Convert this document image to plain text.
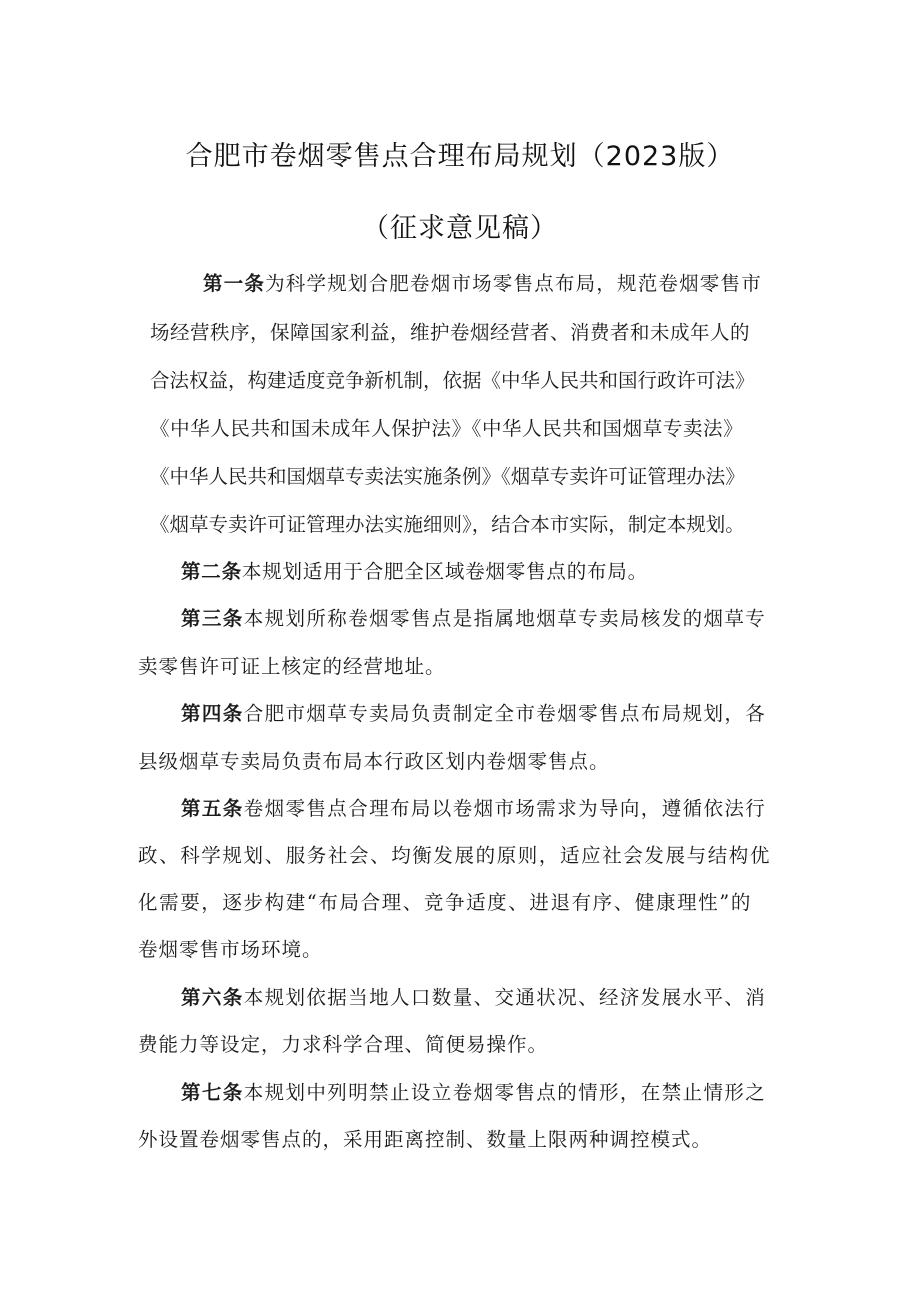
合肥市卷烟零售点合理布局规划（2023版）
（征求意见稿）
第一条为科学规划合肥卷烟市场零售点布局，规范卷烟零售市
场经营秩序，保障国家利益，维护卷烟经营者、消费者和未成年人的
合法权益，构建适度竞争新机制，依据《中华人民共和国行政许可法》
《中华人民共和国未成年人保护法》《中华人民共和国烟草专卖法》
《中华人民共和国烟草专卖法实施条例》《烟草专卖许可证管理办法》
《烟草专卖许可证管理办法实施细则》，结合本市实际，制定本规划。
第二条本规划适用于合肥全区域卷烟零售点的布局。
第三条本规划所称卷烟零售点是指属地烟草专卖局核发的烟草专
卖零售许可证上核定的经营地址。
第四条合肥市烟草专卖局负责制定全市卷烟零售点布局规划，各
县级烟草专卖局负责布局本行政区划内卷烟零售点。
第五条卷烟零售点合理布局以卷烟市场需求为导向，遵循依法行
政、科学规划、服务社会、均衡发展的原则，适应社会发展与结构优
化需要，逐步构建“布局合理、竞争适度、进退有序、健康理性”的
卷烟零售市场环境。
第六条本规划依据当地人口数量、交通状况、经济发展水平、消
费能力等设定，力求科学合理、简便易操作。
第七条本规划中列明禁止设立卷烟零售点的情形，在禁止情形之
外设置卷烟零售点的，采用距离控制、数量上限两种调控模式。
